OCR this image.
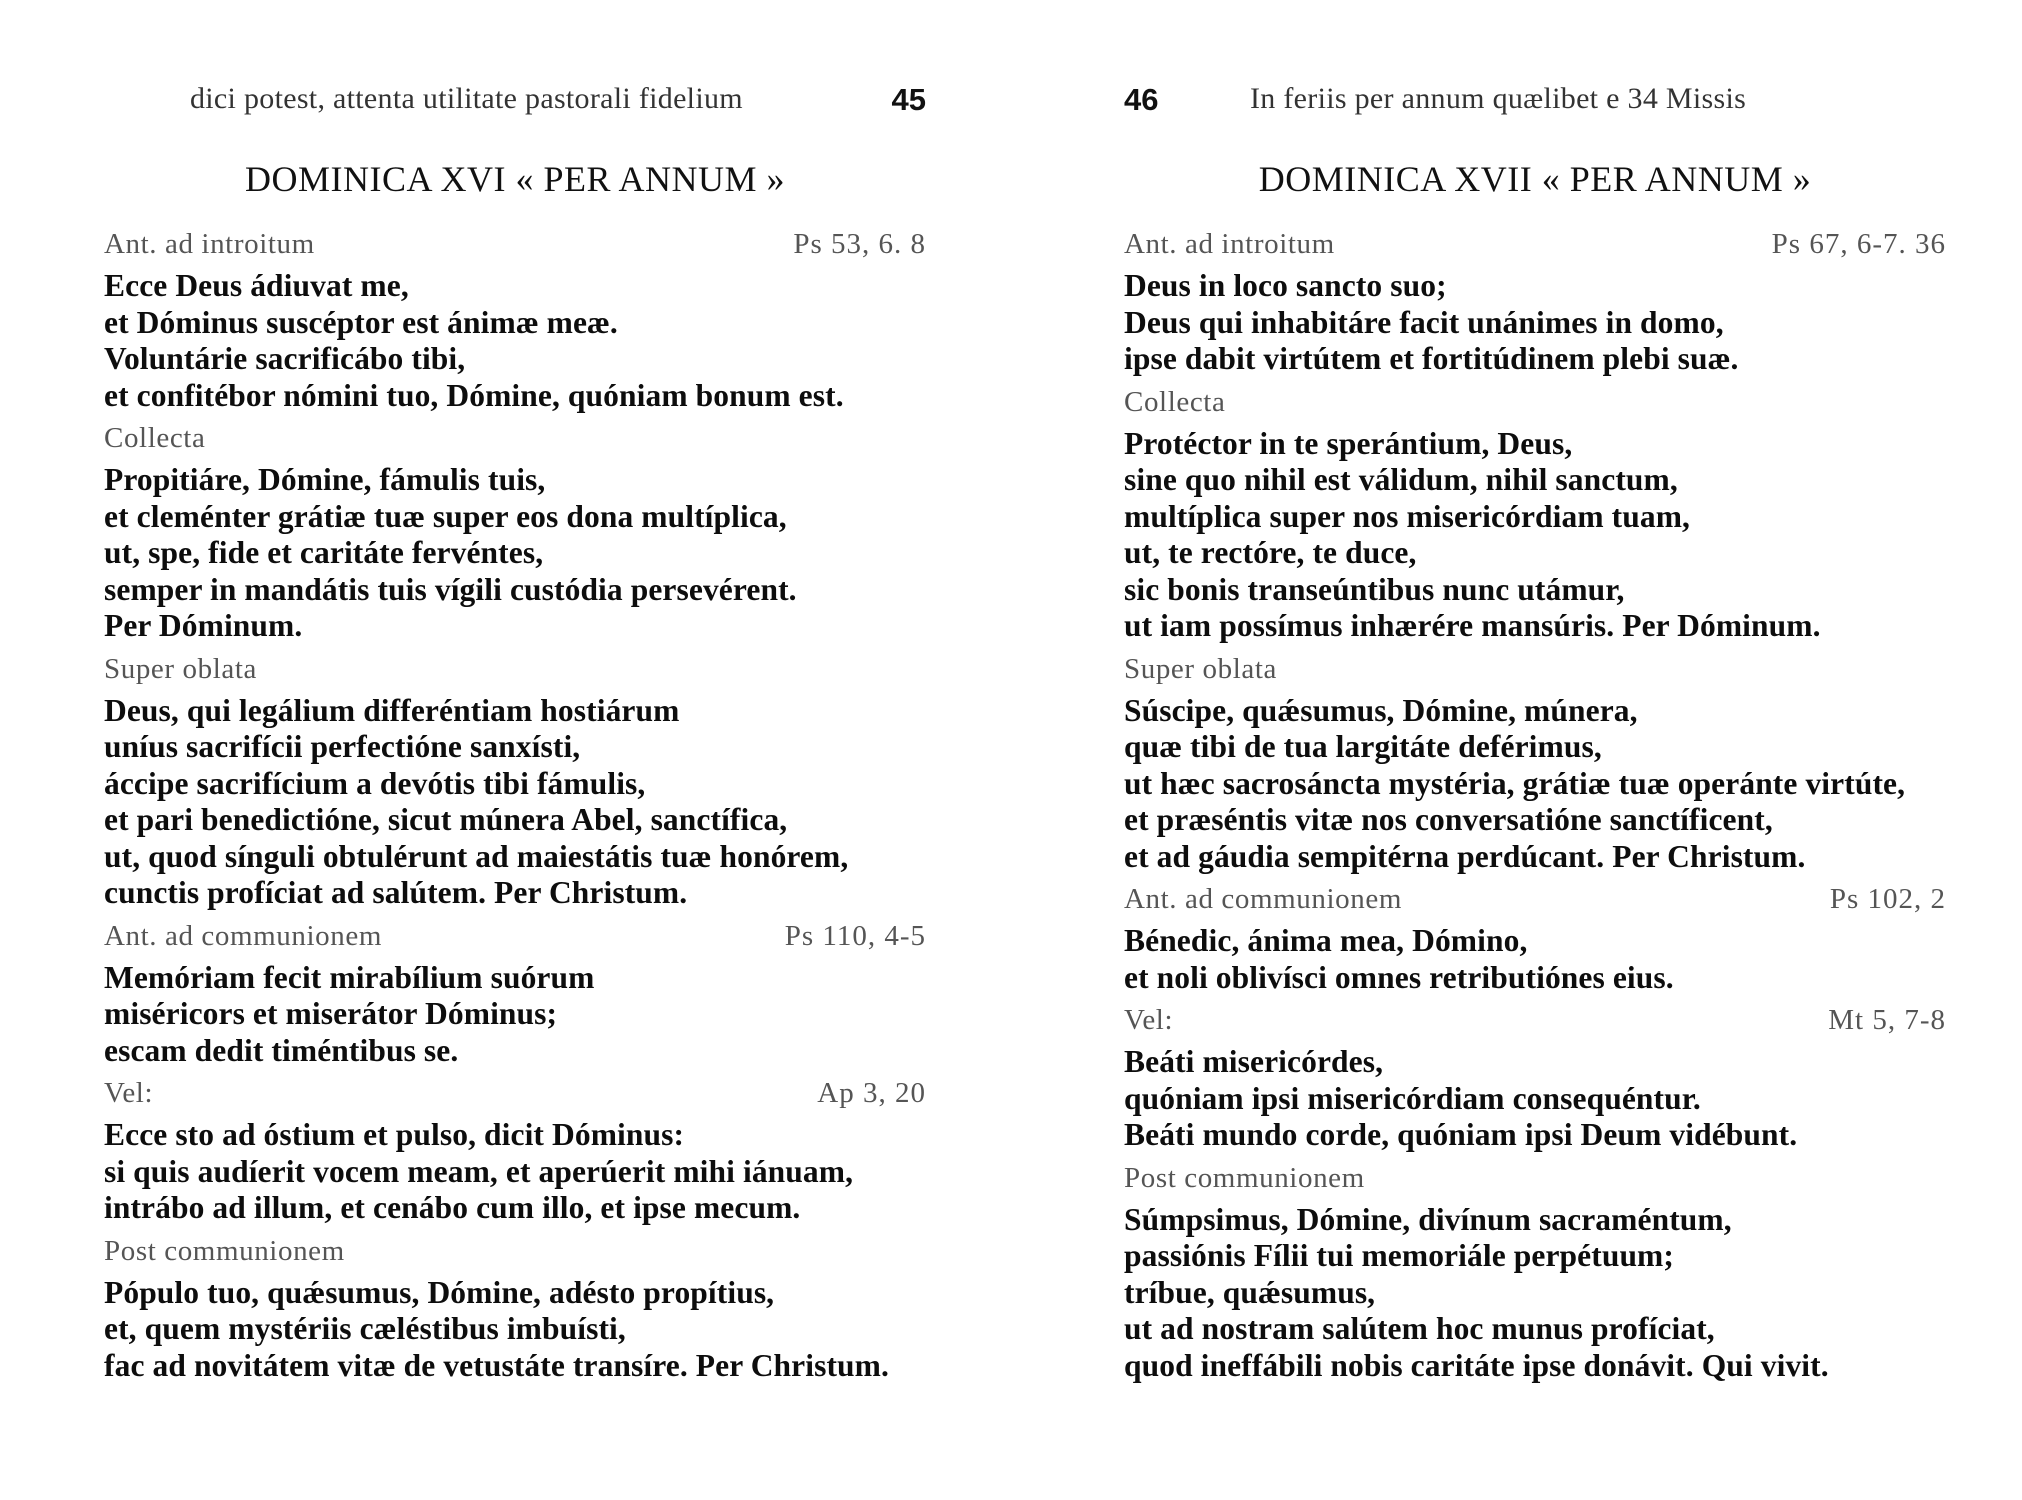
dici potest, attenta utilitate pastorali fidelium	45
DOMINICA XVI « PER ANNUM »
Ant. ad introitum	Ps 53, 6. 8
Ecce Deus ádiuvat me,
et Dóminus suscéptor est ánimæ meæ.
Voluntárie sacrificábo tibi,
et confitébor nómini tuo, Dómine, quóniam bonum est.
Collecta
Propitiáre, Dómine, fámulis tuis,
et cleménter grátiæ tuæ super eos dona multíplica,
ut, spe, fide et caritáte fervéntes,
semper in mandátis tuis vígili custódia persevérent.
Per Dóminum.
Super oblata
Deus, qui legálium differéntiam hostiárum
uníus sacrifícii perfectióne sanxísti,
áccipe sacrifícium a devótis tibi fámulis,
et pari benedictióne, sicut múnera Abel, sanctífica,
ut, quod sínguli obtulérunt ad maiestátis tuæ honórem,
cunctis profíciat ad salútem. Per Christum.
Ant. ad communionem	Ps 110, 4-5
Memóriam fecit mirabílium suórum
miséricors et miserátor Dóminus;
escam dedit timéntibus se.
Vel:	Ap 3, 20
Ecce sto ad óstium et pulso, dicit Dóminus:
si quis audíerit vocem meam, et aperúerit mihi iánuam,
intrábo ad illum, et cenábo cum illo, et ipse mecum.
Post communionem
Pópulo tuo, quǽsumus, Dómine, adésto propítius,
et, quem mystériis cæléstibus imbuísti,
fac ad novitátem vitæ de vetustáte transíre. Per Christum.
46	In feriis per annum quælibet e 34 Missis
DOMINICA XVII « PER ANNUM »
Ant. ad introitum	Ps 67, 6-7. 36
Deus in loco sancto suo;
Deus qui inhabitáre facit unánimes in domo,
ipse dabit virtútem et fortitúdinem plebi suæ.
Collecta
Protéctor in te sperántium, Deus,
sine quo nihil est válidum, nihil sanctum,
multíplica super nos misericórdiam tuam,
ut, te rectóre, te duce,
sic bonis transeúntibus nunc utámur,
ut iam possímus inhærére mansúris. Per Dóminum.
Super oblata
Súscipe, quǽsumus, Dómine, múnera,
quæ tibi de tua largitáte deférimus,
ut hæc sacrosáncta mystéria, grátiæ tuæ operánte virtúte,
et præséntis vitæ nos conversatióne sanctíficent,
et ad gáudia sempitérna perdúcant. Per Christum.
Ant. ad communionem	Ps 102, 2
Bénedic, ánima mea, Dómino,
et noli oblivísci omnes retributiónes eius.
Vel:	Mt 5, 7-8
Beáti misericórdes,
quóniam ipsi misericórdiam consequéntur.
Beáti mundo corde, quóniam ipsi Deum vidébunt.
Post communionem
Súmpsimus, Dómine, divínum sacraméntum,
passiónis Fílii tui memoriále perpétuum;
tríbue, quǽsumus,
ut ad nostram salútem hoc munus profíciat,
quod ineffábili nobis caritáte ipse donávit. Qui vivit.
